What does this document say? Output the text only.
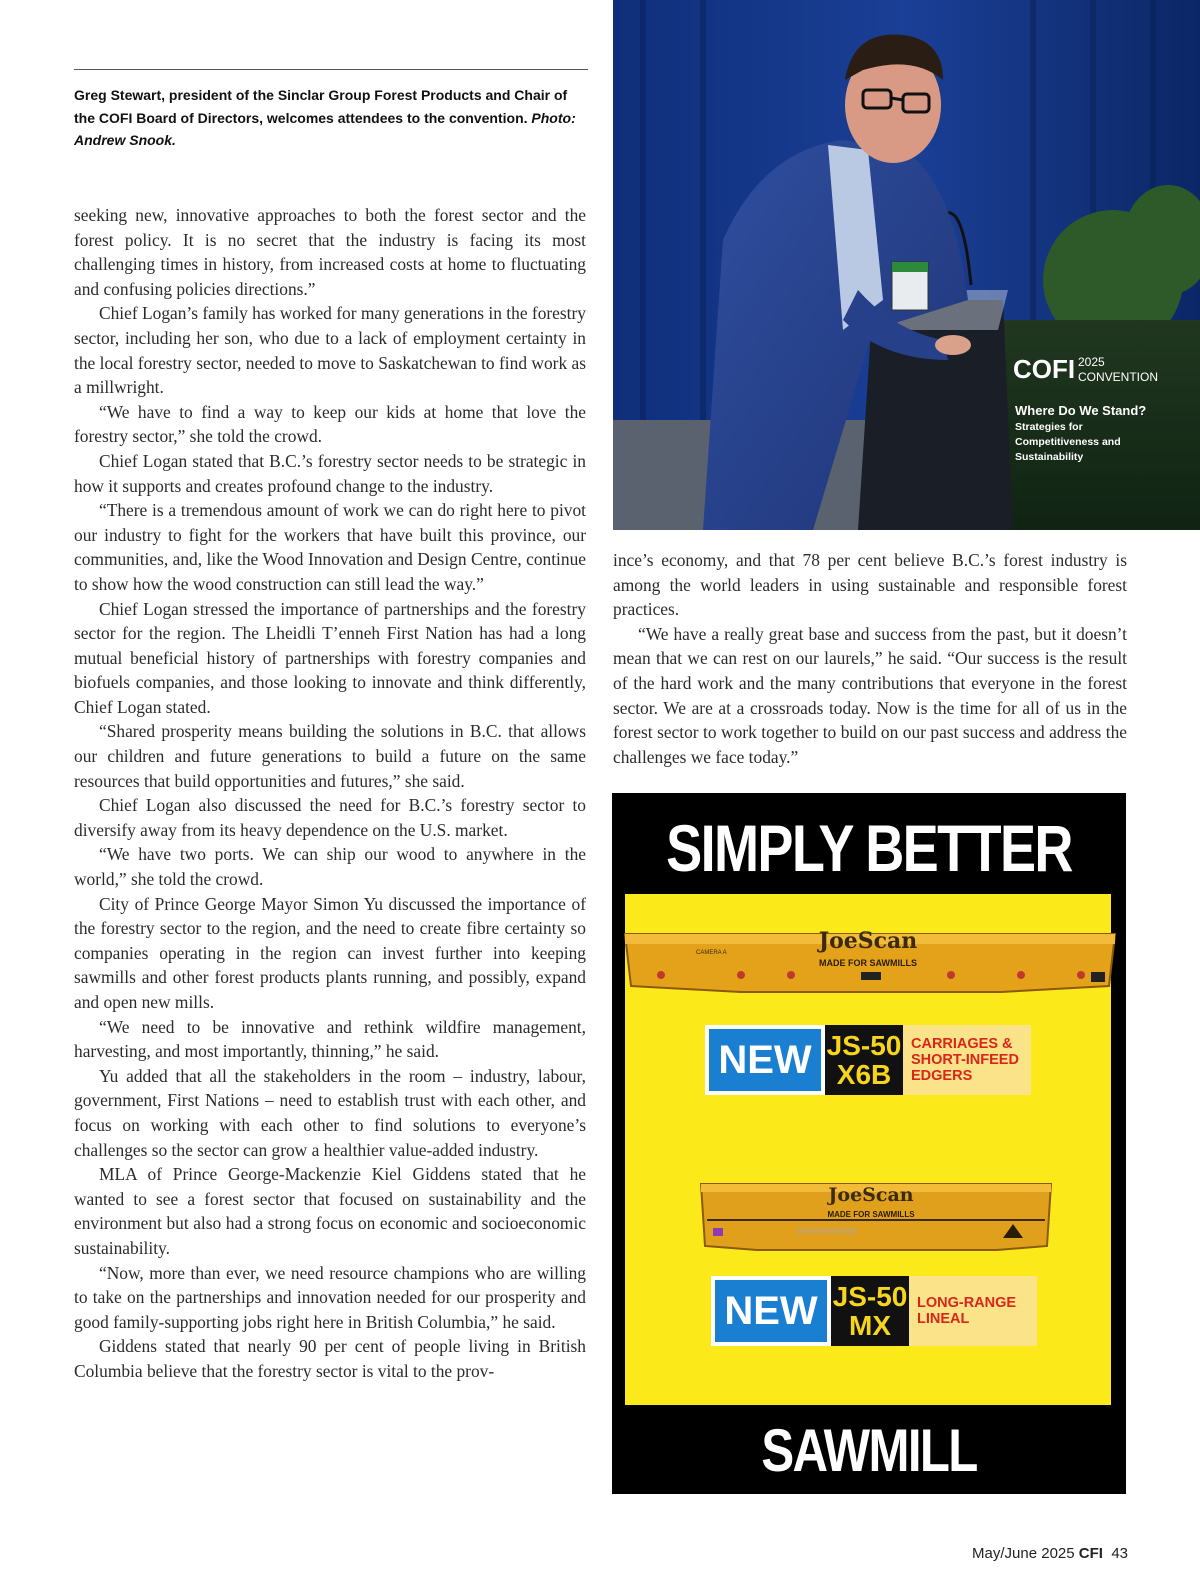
Greg Stewart, president of the Sinclar Group Forest Products and Chair of the COFI Board of Directors, welcomes attendees to the convention. Photo: Andrew Snook.

seeking new, innovative approaches to both the forest sector and the forest policy. It is no secret that the industry is facing its most challenging times in history, from increased costs at home to fluctuating and confusing policies directions.”

Chief Logan’s family has worked for many generations in the forestry sector, including her son, who due to a lack of employment certainty in the local forestry sector, needed to move to Saskatchewan to find work as a millwright.

“We have to find a way to keep our kids at home that love the forestry sector,” she told the crowd.

Chief Logan stated that B.C.’s forestry sector needs to be strategic in how it supports and creates profound change to the industry.

“There is a tremendous amount of work we can do right here to pivot our industry to fight for the workers that have built this province, our communities, and, like the Wood Innovation and Design Centre, continue to show how the wood construction can still lead the way.”

Chief Logan stressed the importance of partnerships and the forestry sector for the region. The Lheidli T’enneh First Nation has had a long mutual beneficial history of partnerships with forestry companies and biofuels companies, and those looking to innovate and think differently, Chief Logan stated.

“Shared prosperity means building the solutions in B.C. that allows our children and future generations to build a future on the same resources that build opportunities and futures,” she said.

Chief Logan also discussed the need for B.C.’s forestry sector to diversify away from its heavy dependence on the U.S. market.

“We have two ports. We can ship our wood to anywhere in the world,” she told the crowd.

City of Prince George Mayor Simon Yu discussed the importance of the forestry sector to the region, and the need to create fibre certainty so companies operating in the region can invest further into keeping sawmills and other forest products plants running, and possibly, expand and open new mills.

“We need to be innovative and rethink wildfire management, harvesting, and most importantly, thinning,” he said.

Yu added that all the stakeholders in the room – industry, labour, government, First Nations – need to establish trust with each other, and focus on working with each other to find solutions to everyone’s challenges so the sector can grow a healthier value-added industry.

MLA of Prince George-Mackenzie Kiel Giddens stated that he wanted to see a forest sector that focused on sustainability and the environment but also had a strong focus on economic and socioeconomic sustainability.

“Now, more than ever, we need resource champions who are willing to take on the partnerships and innovation needed for our prosperity and good family-supporting jobs right here in British Columbia,” he said.

Giddens stated that nearly 90 per cent of people living in British Columbia believe that the forestry sector is vital to the prov-

COFI 2025
CONVENTION
Where Do We Stand?
Strategies for
Competitiveness and
Sustainability

ince’s economy, and that 78 per cent believe B.C.’s forest industry is among the world leaders in using sustainable and responsible forest practices.

“We have a really great base and success from the past, but it doesn’t mean that we can rest on our laurels,” he said. “Our success is the result of the hard work and the many contributions that everyone in the forest sector. We are at a crossroads today. Now is the time for all of us in the forest sector to work together to build on our past success and address the challenges we face today.”

SIMPLY BETTER
CAMERA A	JoeScan
MADE FOR SAWMILLS
NEW JS-50
X6B
CARRIAGES &
SHORT-INFEED
EDGERS
JoeScan
MADE FOR SAWMILLS
NEW JS-50
MX
LONG-RANGE
LINEAL
SAWMILL SCANNING
May/June 2025 CFI 43
